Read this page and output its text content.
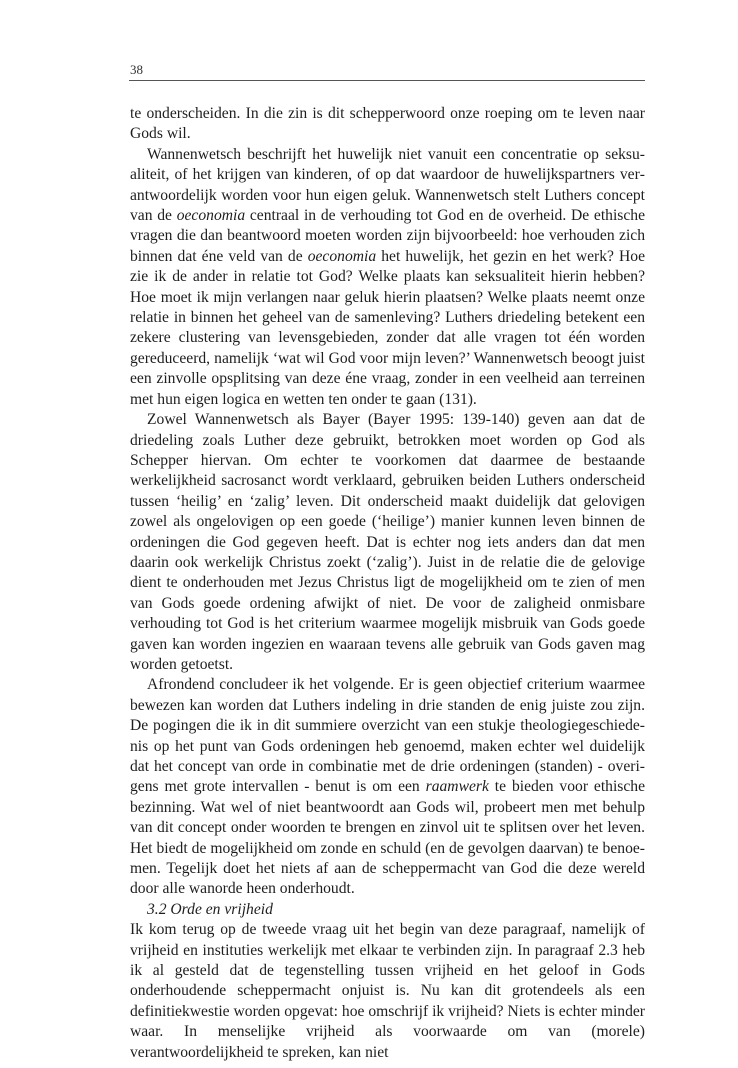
38

te onderscheiden. In die zin is dit schepperwoord onze roeping om te leven naar Gods wil.

Wannenwetsch beschrijft het huwelijk niet vanuit een concentratie op seksualiteit, of het krijgen van kinderen, of op dat waardoor de huwelijkspartners verantwoordelijk worden voor hun eigen geluk. Wannenwetsch stelt Luthers concept van de oeconomia centraal in de verhouding tot God en de overheid. De ethische vragen die dan beantwoord moeten worden zijn bijvoorbeeld: hoe verhouden zich binnen dat éne veld van de oeconomia het huwelijk, het gezin en het werk? Hoe zie ik de ander in relatie tot God? Welke plaats kan seksualiteit hierin hebben? Hoe moet ik mijn verlangen naar geluk hierin plaatsen? Welke plaats neemt onze relatie in binnen het geheel van de samenleving? Luthers driedeling betekent een zekere clustering van levensgebieden, zonder dat alle vragen tot één worden gereduceerd, namelijk ‘wat wil God voor mijn leven?’ Wannenwetsch beoogt juist een zinvolle opsplitsing van deze éne vraag, zonder in een veelheid aan terreinen met hun eigen logica en wetten ten onder te gaan (131).

Zowel Wannenwetsch als Bayer (Bayer 1995: 139-140) geven aan dat de driedeling zoals Luther deze gebruikt, betrokken moet worden op God als Schepper hiervan. Om echter te voorkomen dat daarmee de bestaande werkelijkheid sacrosanct wordt verklaard, gebruiken beiden Luthers onderscheid tussen ‘heilig’ en ‘zalig’ leven. Dit onderscheid maakt duidelijk dat gelovigen zowel als ongelovigen op een goede (‘heilige’) manier kunnen leven binnen de ordeningen die God gegeven heeft. Dat is echter nog iets anders dan dat men daarin ook werkelijk Christus zoekt (‘zalig’). Juist in de relatie die de gelovige dient te onderhouden met Jezus Christus ligt de mogelijkheid om te zien of men van Gods goede ordening afwijkt of niet. De voor de zaligheid onmisbare verhouding tot God is het criterium waarmee mogelijk misbruik van Gods goede gaven kan worden ingezien en waaraan tevens alle gebruik van Gods gaven mag worden getoetst.

Afrondend concludeer ik het volgende. Er is geen objectief criterium waarmee bewezen kan worden dat Luthers indeling in drie standen de enig juiste zou zijn. De pogingen die ik in dit summiere overzicht van een stukje theologiegeschiedenis op het punt van Gods ordeningen heb genoemd, maken echter wel duidelijk dat het concept van orde in combinatie met de drie ordeningen (standen) - overigens met grote intervallen - benut is om een raamwerk te bieden voor ethische bezinning. Wat wel of niet beantwoordt aan Gods wil, probeert men met behulp van dit concept onder woorden te brengen en zinvol uit te splitsen over het leven. Het biedt de mogelijkheid om zonde en schuld (en de gevolgen daarvan) te benoemen. Tegelijk doet het niets af aan de scheppermacht van God die deze wereld door alle wanorde heen onderhoudt.

3.2 Orde en vrijheid

Ik kom terug op de tweede vraag uit het begin van deze paragraaf, namelijk of vrijheid en instituties werkelijk met elkaar te verbinden zijn. In paragraaf 2.3 heb ik al gesteld dat de tegenstelling tussen vrijheid en het geloof in Gods onderhoudende scheppermacht onjuist is. Nu kan dit grotendeels als een definitiekwestie worden opgevat: hoe omschrijf ik vrijheid? Niets is echter minder waar. In menselijke vrijheid als voorwaarde om van (morele) verantwoordelijkheid te spreken, kan niet
